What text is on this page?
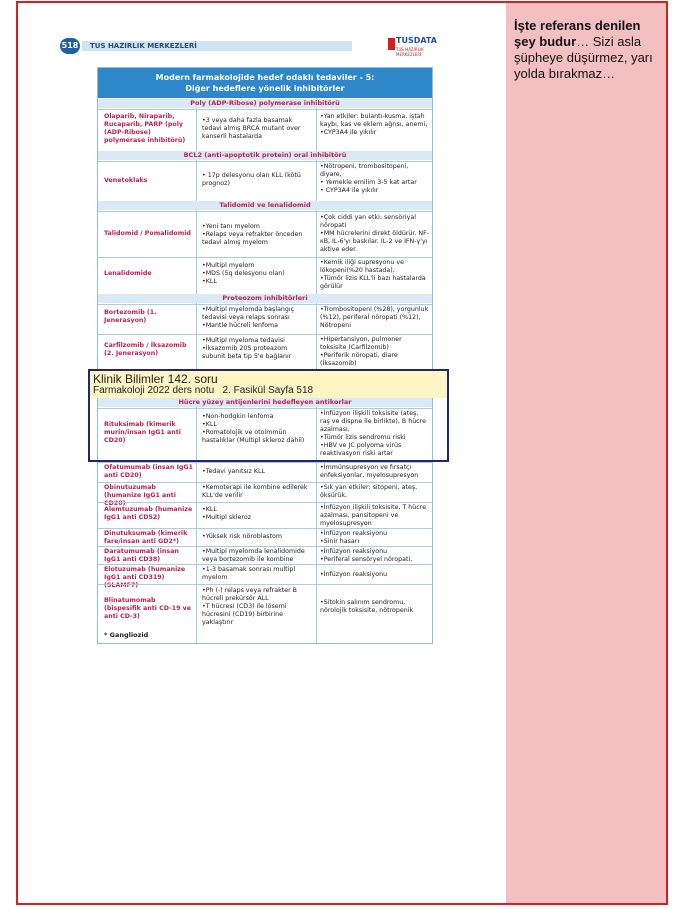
İşte referans denilen şey budur… Sizi asla şüpheye düşürmez, yarı yolda bırakmaz…
518 TUS HAZIRLIK MERKEZLERİ
TUSDATA
TUS HAZIRLIK MERKEZLERİ
Modern farmakolojide hedef odaklı tedaviler - 5:
Diğer hedeflere yönelik inhibitörler
Poly (ADP-Ribose) polymerase inhibitörü
Olaparib, Niraparib, Rucaparib, PARP (poly (ADP-Ribose) polymerase inhibitörü)
•3 veya daha fazla basamak tedavi almış BRCA mutant over kanserli hastalarda
•Yan etkiler: bulantı-kusma, iştah kaybı, kas ve eklem ağrısı, anemi,
•CYP3A4 ile yıkılır
BCL2 (anti-apoptotik protein) oral inhibitörü
Venetoklaks
• 17p delesyonu olan KLL (kötü prognoz)
•Nötropeni, trombositopeni, diyare,
• Yemekle emilim 3-5 kat artar
• CYP3A4 ile yıkılır
Talidomid ve lenalidomid
Talidomid / Pomalidomid
•Yeni tanı myelom
•Relaps veya refrakter önceden tedavi almış myelom
•Çok ciddi yan etki: sensöriyal nöropati
•MM hücrelerini direkt öldürür. NF-κB, IL-6'yı baskılar. IL-2 ve IFN-γ'yı aktive eder.
Lenalidomide
•Multipl myelom
•MDS (5q delesyonu olan)
•KLL
•Kemik iliği supresyonu ve lökopeni(%20 hastada),
•Tümör lizis KLL'li bazı hastalarda görülür
Proteozom inhibitörleri
Bortezomib (1. Jenerasyon)
•Multipl myelomda başlangıç tedavisi veya relaps sonrası
•Mantle hücreli lenfoma
•Trombositopeni (%28), yorgunluk (%12), periferal nöropati (%12), Nötropeni
Carfilzomib / İksazomib (2. Jenerasyon)
•Multipl myeloma tedavisi
•İksazomib 20S proteazom subunit beta tip 5'e bağlanır
•Hipertansiyon, pulmoner toksisite (Carfilzomib)
•Periferik nöropati, diare (İksazomib)
Hücre yüzey antijenlerini hedefleyen antikorlar
Rituksimab (kimerik murin/insan IgG1 anti CD20)
•Non-hodgkin lenfoma
•KLL
•Romatolojik ve otoimmün hastalıklar (Multipl skleroz dahil)
•İnfüzyon ilişkili toksisite (ateş, raş ve dispne ile birlikte), B hücre azalması,
•Tümör lizis sendromu riski
•HBV ve JC polyoma virüs reaktivasyon riski artar
Ofatumumab (insan IgG1 anti CD20)
•Tedavi yanıtsız KLL
•İmmünsupresyon ve fırsatçı enfeksiyonlar, myelosupresyon
Obinutuzumab (humanize IgG1 anti CD20)
•Kemoterapi ile kombine edilerek KLL'de verilir
•Sık yan etkiler: sitopeni, ateş, öksürük,
Alemtuzumab (humanize IgG1 anti CD52)
•KLL
•Multipl skleroz
•İnfüzyon ilişkili toksisite, T hücre azalması, pansitopeni ve myelosupresyon
Dinutuksumab (kimerik fare/insan anti GD2*)
•Yüksek risk nöroblastom	•İnfüzyon reaksiyonu
•Sinir hasarı
Daratumumab (insan IgG1 anti CD38)
•Multipl myelomda lenalidomide veya bortezomib ile kombine
•İnfüzyon reaksiyonu
•Periferal sensöryel nöropati,
Elotuzumab (humanize IgG1 anti CD319)(SLAMF7)
•1-3 basamak sonrası multipl myelom	•İnfüzyon reaksiyonu
Blinatumomab (bispesifik anti CD-19 ve anti CD-3)
•Ph (-) relaps veya refrakter B hücreli prekürsör ALL
•T hücresi (CD3) ile lösemi hücresini (CD19) birbirine yaklaştırır
•Sitokin salınım sendromu, nörolojik toksisite, nötropenik
* Gangliozid
Klinik Bilimler 142. soru
Farmakoloji 2022 ders notu   2. Fasikül Sayfa 518
